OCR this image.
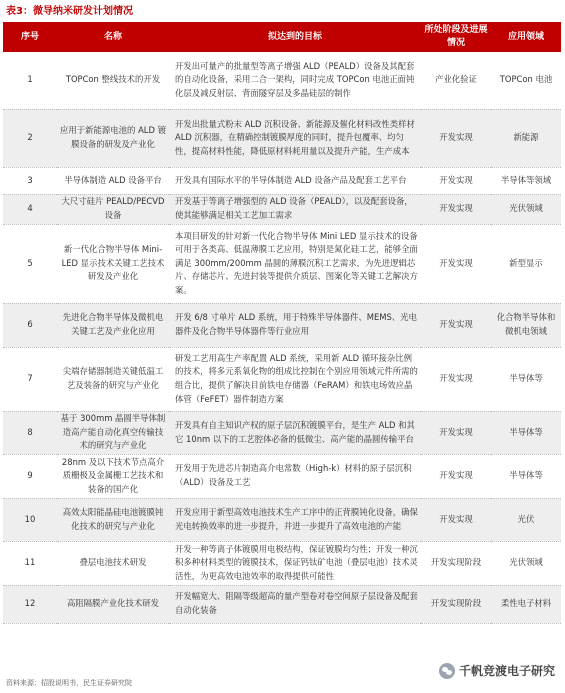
表3：微导纳米研发计划情况
序号	名称	拟达到的目标	所处阶段及进展情况	应用领域
1	TOPCon 整线技术的开发	开发出可量产的批量型等离子增强 ALD（PEALD）设备及其配套的自动化设备，采用二合一架构，同时完成 TOPCon 电池正面钝化层及减反射层、背面隧穿层及多晶硅层的制作	产业化验证	TOPCon 电池
2	应用于新能源电池的 ALD 镀膜设备的研发及产业化	开发出批量式粉末 ALD 沉积设备、新能源及催化材料改性类样材 ALD 沉积器，在精确控制镀膜厚度的同时，提升包覆率、均匀性，提高材料性能，降低原材料耗用量以及提升产能，生产成本	开发实现	新能源
3	半导体制造 ALD 设备平台	开发具有国际水平的半导体制造 ALD 设备产品及配套工艺平台	开发实现	半导体等领域
4	大尺寸硅片 PEALD/PECVD 设备	开发基于等离子增强型的 ALD 设备（PEALD），以及配套设备，使其能够满足相关工艺加工需求	开发实现	光伏领域
5	新一代化合物半导体 Mini-LED 显示技术关键工艺技术研发及产业化	本项目研发的针对新一代化合物半导体 Mini LED 显示技术的设备可用于各类高、低温薄膜工艺应用，特别是氮化硅工艺，能够全面满足 300mm/200mm 晶圆的薄膜沉积工艺需求，为先进逻辑芯片、存储芯片、先进封装等提供介质层、图案化等关键工艺解决方案。	开发实现	新型显示
6	先进化合物半导体及微机电关键工艺及产业化应用	开发 6/8 寸单片 ALD 系统，用于特殊半导体器件、MEMS、光电器件及化合物半导体器件等行业应用	开发实现	化合物半导体和微机电领域
7	尖端存储器制造关键低温工艺及装备的研究与产业化	研发工艺用高生产率配置 ALD 系统，采用新 ALD 循环接杂比例的技术，将多元系氧化物的组成比控制在个别应用领域元件所需的组合比，提供了解决目前铁电存储器（FeRAM）和铁电场效应晶体管（FeFET）器件制造方案	开发实现	半导体等
8	基于 300mm 晶圆半导体制造高产能自动化真空传输技术的研究与产业化	开发具有自主知识产权的原子层沉积镀膜平台，是生产 ALD 和其它 10nm 以下的工艺腔体必备的低微尘、高产能的晶圆传输平台	开发实现	半导体等
9	28nm 及以下技术节点高介质栅极及金属栅工艺技术和装备的国产化	开发用于先进芯片制造高介电常数（High-k）材料的原子层沉积（ALD）设备及工艺	开发实现	半导体等
10	高效太阳能晶硅电池镀膜钝化技术的研究与产业化	开发应用于新型高效电池技术生产工序中的正背膜钝化设备，确保光电转换效率的进一步提升，并进一步提升了高效电池的产能	开发实现	光伏
11	叠层电池技术研发	开发一种等离子体镀膜用电极结构，保证镀膜均匀性；开发一种沉积多种材料类型的镀膜技术，保证钙钛矿电池（叠层电池）技术灵活性，为更高效电池效率的取得提供可能性	开发实现阶段	光伏领域
12	高阻隔膜产业化技术研发	开发幅宽大、阻隔等级超高的量产型卷对卷空间原子层设备及配套自动化装备	开发实现阶段	柔性电子材料
资料来源：招股说明书，民生证券研究院
千帆竞渡电子研究
